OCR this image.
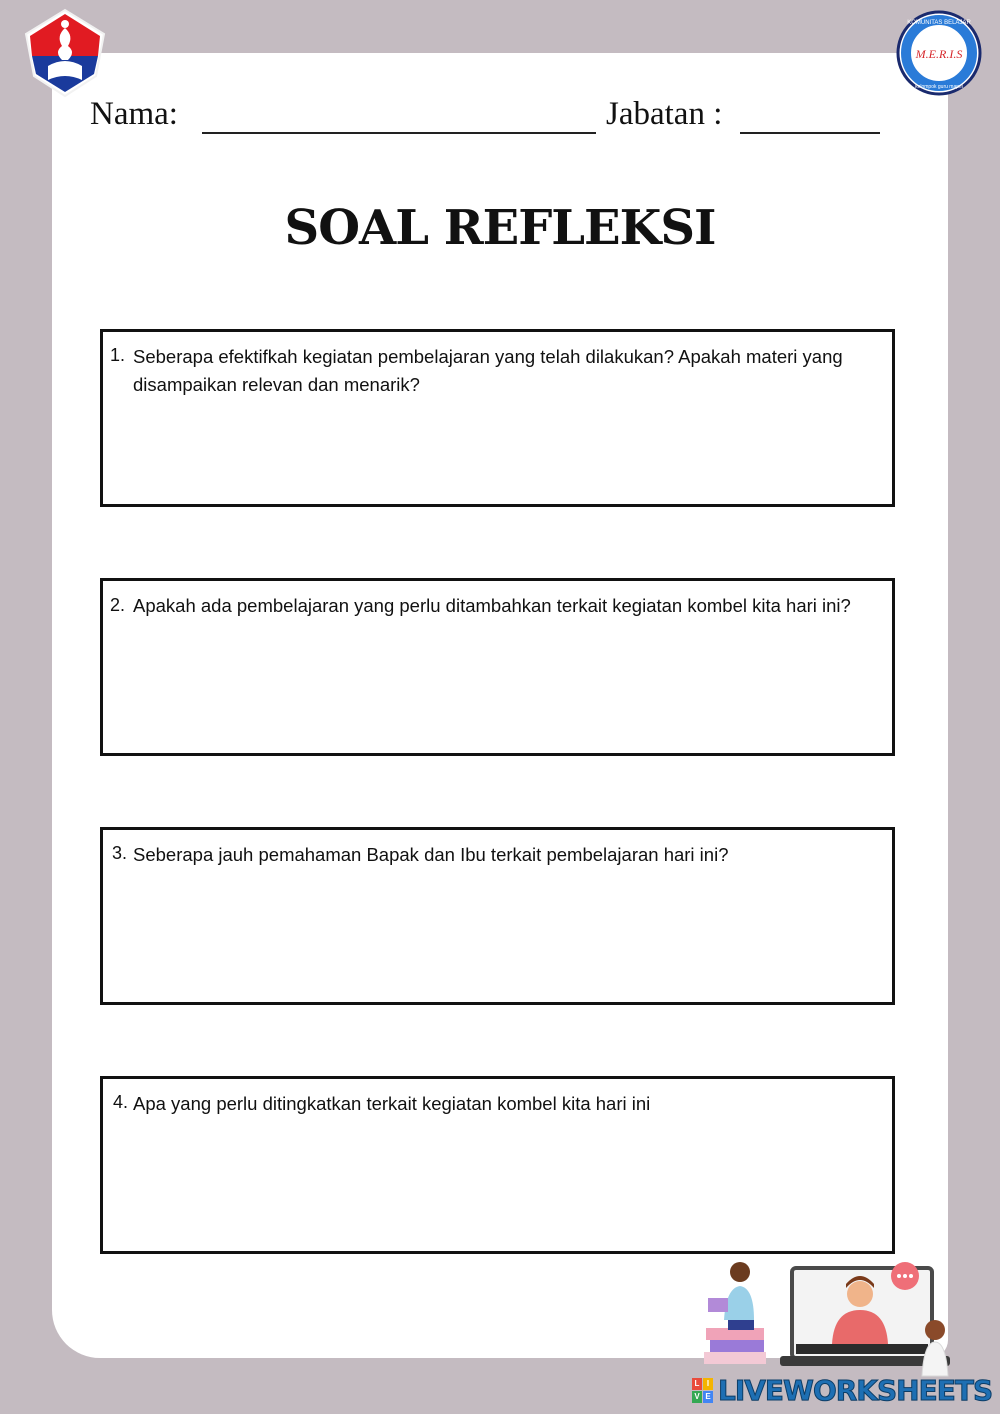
M.E.R.I.S
KOMUNITAS BELAJAR
kelompok guru mapel
Nama:	Jabatan :
SOAL REFLEKSI
1. Seberapa efektifkah kegiatan pembelajaran yang telah dilakukan? Apakah materi yang disampaikan relevan dan menarik?
2. Apakah ada pembelajaran yang perlu ditambahkan terkait kegiatan kombel kita hari ini?
3. Seberapa jauh pemahaman Bapak dan Ibu terkait pembelajaran hari ini?
4. Apa yang perlu ditingkatkan terkait kegiatan kombel kita hari ini
L I
V E LIVEWORKSHEETS
